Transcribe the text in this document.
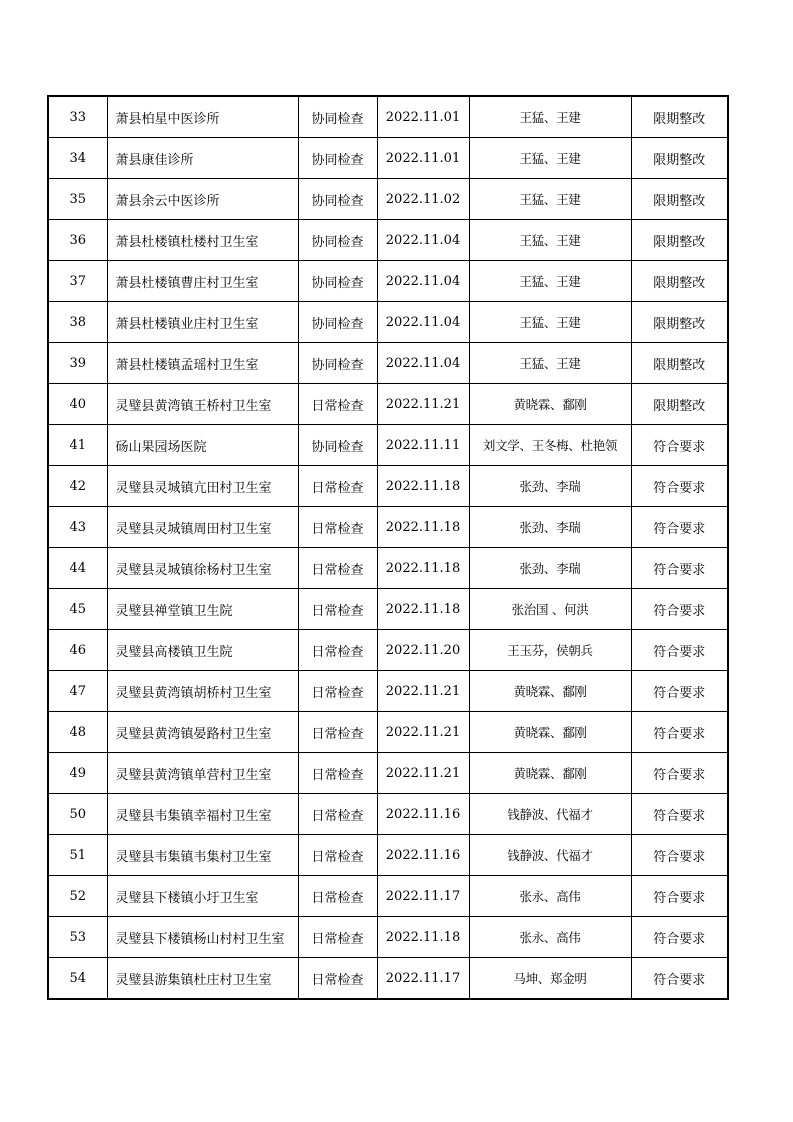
33	萧县柏星中医诊所	协同检查	2022.11.01	王猛、王建	限期整改
34	萧县康佳诊所	协同检查	2022.11.01	王猛、王建	限期整改
35	萧县余云中医诊所	协同检查	2022.11.02	王猛、王建	限期整改
36	萧县杜楼镇杜楼村卫生室	协同检查	2022.11.04	王猛、王建	限期整改
37	萧县杜楼镇曹庄村卫生室	协同检查	2022.11.04	王猛、王建	限期整改
38	萧县杜楼镇业庄村卫生室	协同检查	2022.11.04	王猛、王建	限期整改
39	萧县杜楼镇孟瑶村卫生室	协同检查	2022.11.04	王猛、王建	限期整改
40	灵璧县黄湾镇王桥村卫生室	日常检查	2022.11.21	黄晓霖、鄱刚	限期整改
41	砀山果园场医院	协同检查	2022.11.11	刘文学、王冬梅、杜艳领	符合要求
42	灵璧县灵城镇亢田村卫生室	日常检查	2022.11.18	张劲、李瑞	符合要求
43	灵璧县灵城镇周田村卫生室	日常检查	2022.11.18	张劲、李瑞	符合要求
44	灵璧县灵城镇徐杨村卫生室	日常检查	2022.11.18	张劲、李瑞	符合要求
45	灵璧县禅堂镇卫生院	日常检查	2022.11.18	张治国 、何洪	符合要求
46	灵璧县高楼镇卫生院	日常检查	2022.11.20	王玉芬，侯朝兵	符合要求
47	灵璧县黄湾镇胡桥村卫生室	日常检查	2022.11.21	黄晓霖、鄱刚	符合要求
48	灵璧县黄湾镇晏路村卫生室	日常检查	2022.11.21	黄晓霖、鄱刚	符合要求
49	灵璧县黄湾镇单营村卫生室	日常检查	2022.11.21	黄晓霖、鄱刚	符合要求
50	灵璧县韦集镇幸福村卫生室	日常检查	2022.11.16	钱静波、代福才	符合要求
51	灵璧县韦集镇韦集村卫生室	日常检查	2022.11.16	钱静波、代福才	符合要求
52	灵璧县下楼镇小圩卫生室	日常检查	2022.11.17	张永、高伟	符合要求
53	灵璧县下楼镇杨山村村卫生室	日常检查	2022.11.18	张永、高伟	符合要求
54	灵璧县游集镇杜庄村卫生室	日常检查	2022.11.17	马坤、郑金明	符合要求
